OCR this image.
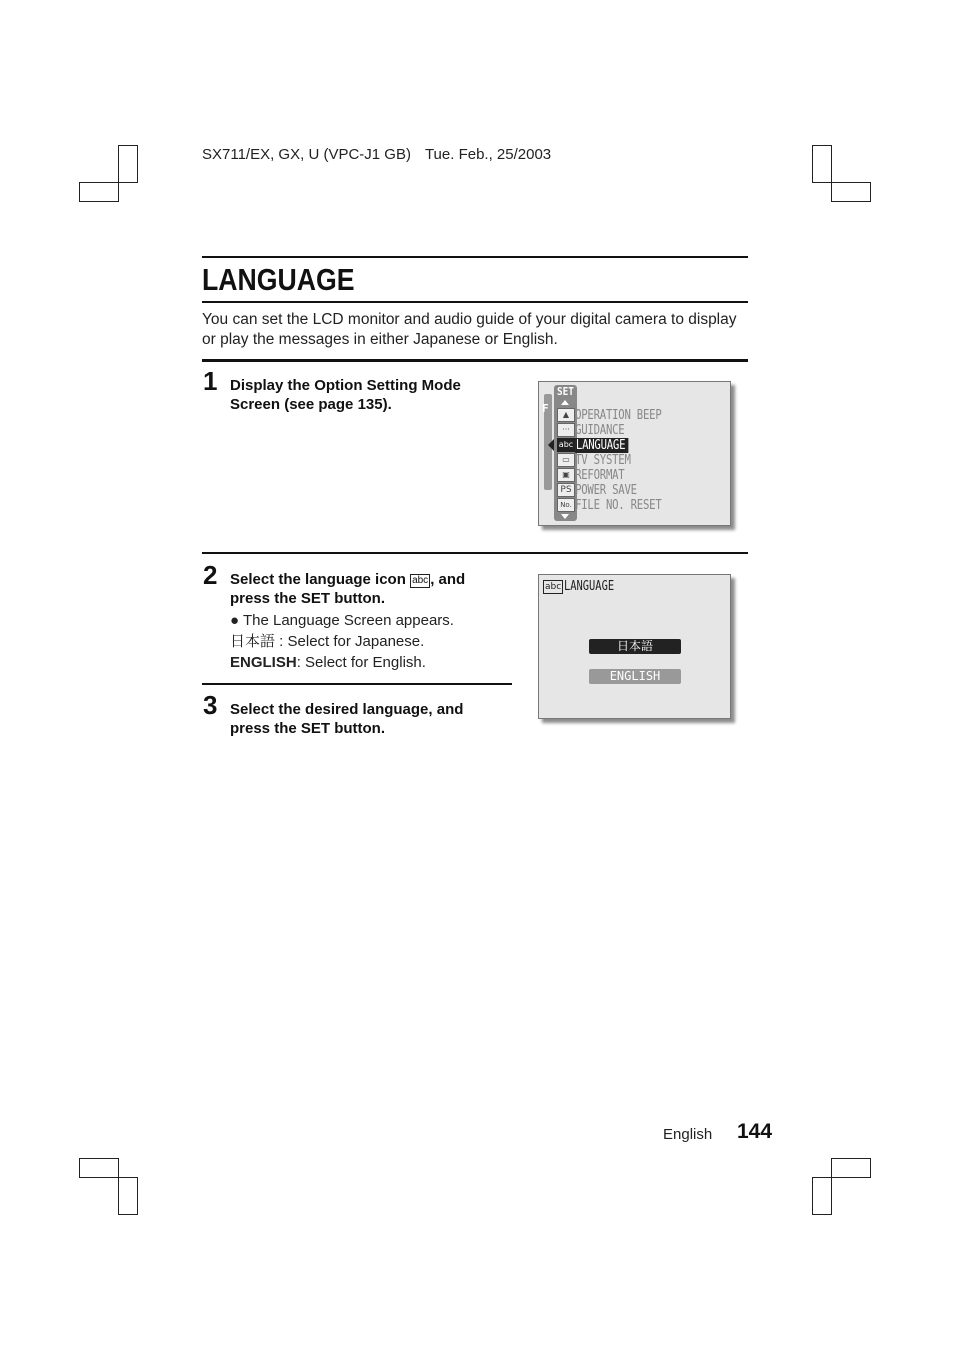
SX711/EX, GX, U (VPC-J1 GB) Tue. Feb., 25/2003
LANGUAGE
You can set the LCD monitor and audio guide of your digital camera to display or play the messages in either Japanese or English.
1 Display the Option Setting Mode
Screen (see page 135).	F
SET
▲
···
abc
▭
▣
PS
No.
OPERATION BEEP
GUIDANCE
LANGUAGE
TV SYSTEM
REFORMAT
POWER SAVE
FILE NO. RESET
2 Select the language icon abc , and
press the SET button.
● The Language Screen appears.
日本語 : Select for Japanese.
ENGLISH: Select for English.
abc LANGUAGE
日本語
ENGLISH
3 Select the desired language, and
press the SET button.
English 144
